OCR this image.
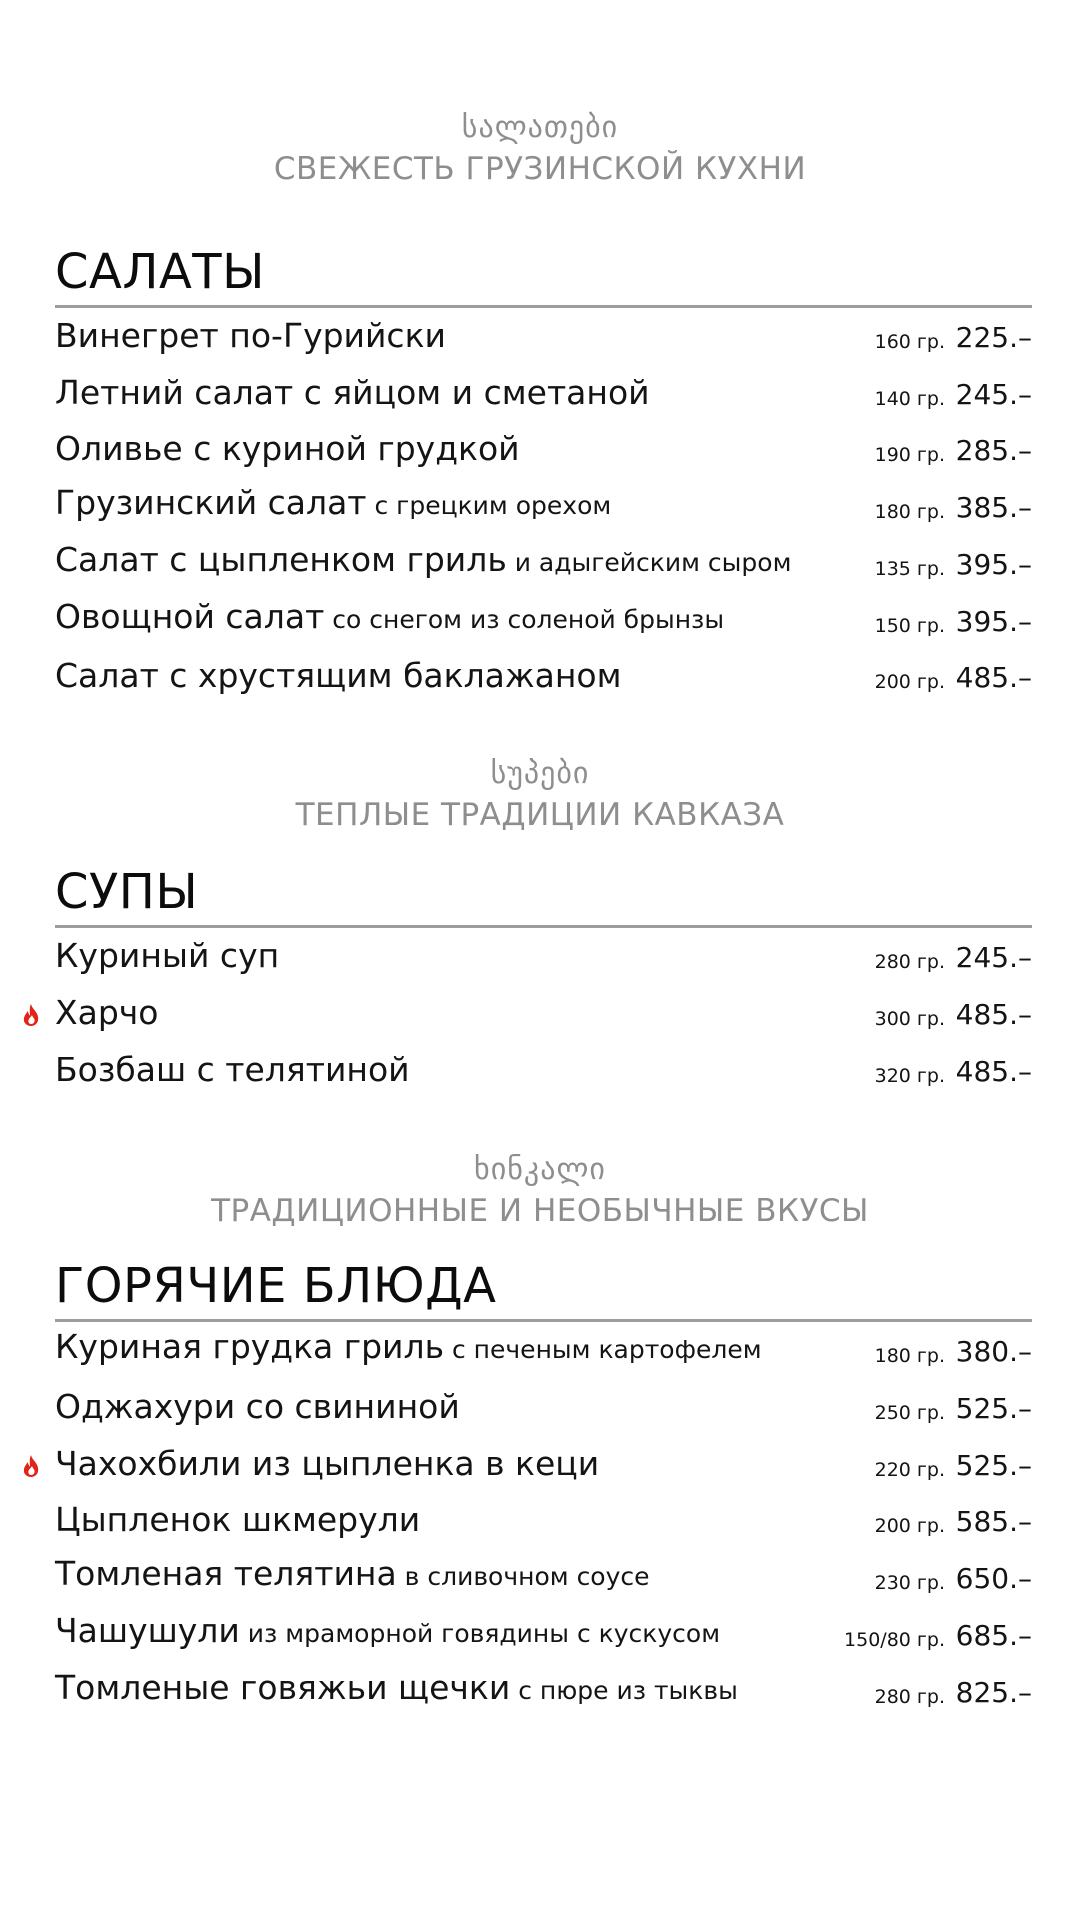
სალათები
СВЕЖЕСТЬ ГРУЗИНСКОЙ КУХНИ
САЛАТЫ
Винегрет по-Гурийски	160 гр. 225.–
Летний салат с яйцом и сметаной	140 гр. 245.–
Оливье с куриной грудкой	190 гр. 285.–
Грузинский салат с грецким орехом	180 гр. 385.–
Салат с цыпленком гриль и адыгейским сыром	135 гр. 395.–
Овощной салат со снегом из соленой брынзы	150 гр. 395.–
Салат с хрустящим баклажаном	200 гр. 485.–
სუპები
ТЕПЛЫЕ ТРАДИЦИИ КАВКАЗА
СУПЫ
Куриный суп	280 гр. 245.–
Харчо	300 гр. 485.–
Бозбаш с телятиной	320 гр. 485.–
ხინკალი
ТРАДИЦИОННЫЕ И НЕОБЫЧНЫЕ ВКУСЫ
ГОРЯЧИЕ БЛЮДА
Куриная грудка гриль с печеным картофелем	180 гр. 380.–
Оджахури со свининой	250 гр. 525.–
Чахохбили из цыпленка в кеци	220 гр. 525.–
Цыпленок шкмерули	200 гр. 585.–
Томленая телятина в сливочном соусе	230 гр. 650.–
Чашушули из мраморной говядины с кускусом	150/80 гр. 685.–
Томленые говяжьи щечки с пюре из тыквы	280 гр. 825.–
